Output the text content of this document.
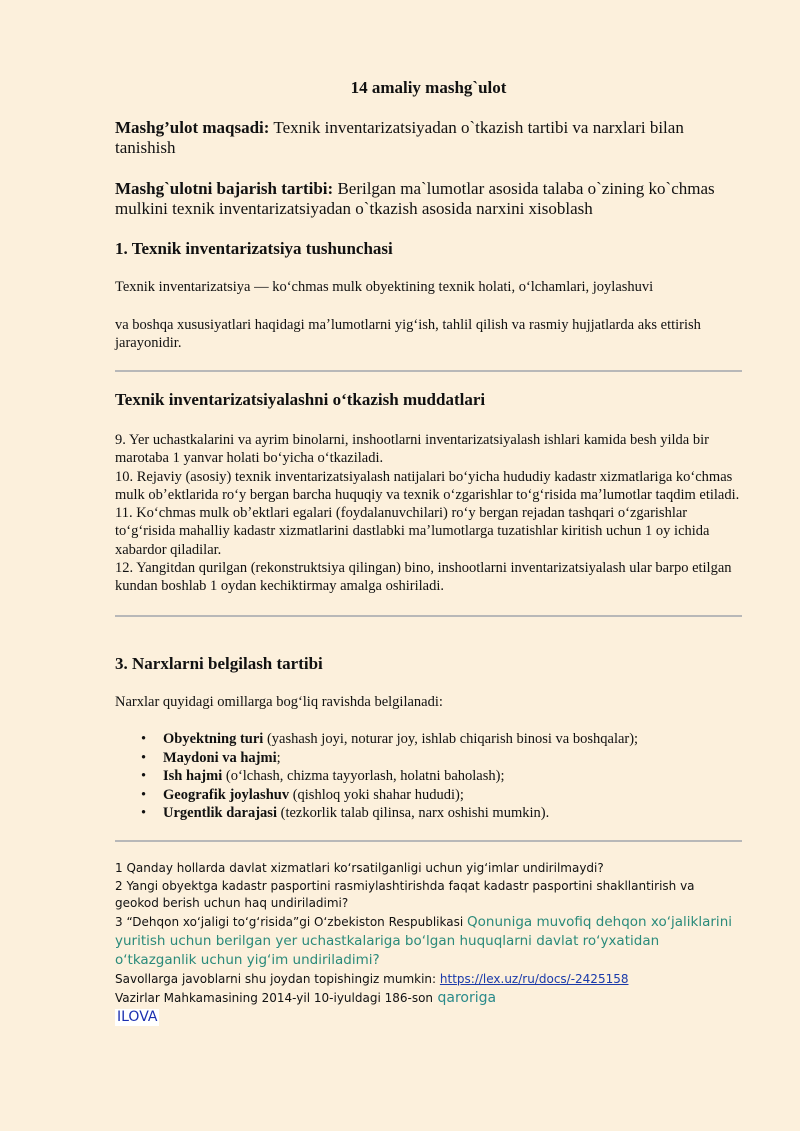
14 amaliy mashg`ulot
Mashg’ulot maqsadi: Texnik inventarizatsiyadan o`tkazish tartibi va narxlari bilan tanishish
Mashg`ulotni bajarish tartibi: Berilgan ma`lumotlar asosida talaba o`zining ko`chmas mulkini texnik inventarizatsiyadan o`tkazish asosida narxini xisoblash
1. Texnik inventarizatsiya tushunchasi
Texnik inventarizatsiya — koʻchmas mulk obyektining texnik holati, oʻlchamlari, joylashuvi
va boshqa xususiyatlari haqidagi maʼlumotlarni yigʻish, tahlil qilish va rasmiy hujjatlarda aks ettirish jarayonidir.
Texnik inventarizatsiyalashni oʻtkazish muddatlari
9. Yer uchastkalarini va ayrim binolarni, inshootlarni inventarizatsiyalash ishlari kamida besh yilda bir marotaba 1 yanvar holati boʻyicha oʻtkaziladi.
10. Rejaviy (asosiy) texnik inventarizatsiyalash natijalari boʻyicha hududiy kadastr xizmatlariga koʻchmas mulk obʼektlarida roʻy bergan barcha huquqiy va texnik oʻzgarishlar toʻgʻrisida maʼlumotlar taqdim etiladi.
11. Koʻchmas mulk obʼektlari egalari (foydalanuvchilari) roʻy bergan rejadan tashqari oʻzgarishlar toʻgʻrisida mahalliy kadastr xizmatlarini dastlabki maʼlumotlarga tuzatishlar kiritish uchun 1 oy ichida xabardor qiladilar.
12. Yangitdan qurilgan (rekonstruktsiya qilingan) bino, inshootlarni inventarizatsiyalash ular barpo etilgan kundan boshlab 1 oydan kechiktirmay amalga oshiriladi.
3. Narxlarni belgilash tartibi
Narxlar quyidagi omillarga bogʻliq ravishda belgilanadi:
• Obyektning turi (yashash joyi, noturar joy, ishlab chiqarish binosi va boshqalar);
• Maydoni va hajmi;
• Ish hajmi (oʻlchash, chizma tayyorlash, holatni baholash);
• Geografik joylashuv (qishloq yoki shahar hududi);
• Urgentlik darajasi (tezkorlik talab qilinsa, narx oshishi mumkin).
1 Qanday hollarda davlat xizmatlari koʻrsatilganligi uchun yigʻimlar undirilmaydi?
2 Yangi obyektga kadastr pasportini rasmiylashtirishda faqat kadastr pasportini shakllantirish va geokod berish uchun haq undiriladimi?
3 “Dehqon xoʻjaligi toʻgʻrisida”gi Oʻzbekiston Respublikasi Qonuniga muvofiq dehqon xoʻjaliklarini yuritish uchun berilgan yer uchastkalariga boʻlgan huquqlarni davlat roʻyxatidan oʻtkazganlik uchun yigʻim undiriladimi?
Savollarga javoblarni shu joydan topishingiz mumkin: https://lex.uz/ru/docs/-2425158
Vazirlar Mahkamasining 2014-yil 10-iyuldagi 186-son qaroriga
ILOVA
